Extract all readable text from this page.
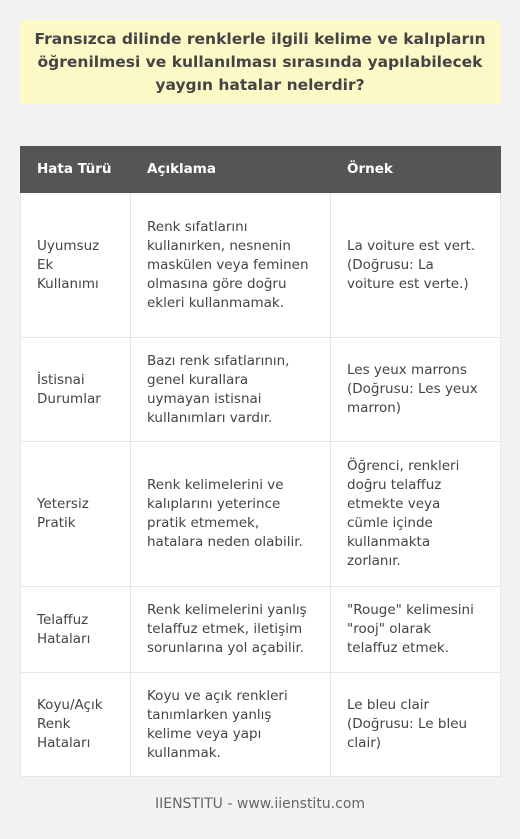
Fransızca dilinde renklerle ilgili kelime ve kalıpların öğrenilmesi ve kullanılması sırasında yapılabilecek yaygın hatalar nelerdir?

Hata Türü	Açıklama	Örnek
Uyumsuz Ek Kullanımı	Renk sıfatlarını kullanırken, nesnenin maskülen veya feminen olmasına göre doğru ekleri kullanmamak.	La voiture est vert. (Doğrusu: La voiture est verte.)
İstisnai Durumlar	Bazı renk sıfatlarının, genel kurallara uymayan istisnai kullanımları vardır.	Les yeux marrons (Doğrusu: Les yeux marron)
Yetersiz Pratik	Renk kelimelerini ve kalıplarını yeterince pratik etmemek, hatalara neden olabilir.	Öğrenci, renkleri doğru telaffuz etmekte veya cümle içinde kullanmakta zorlanır.
Telaffuz Hataları	Renk kelimelerini yanlış telaffuz etmek, iletişim sorunlarına yol açabilir.	"Rouge" kelimesini "rooj" olarak telaffuz etmek.
Koyu/Açık Renk Hataları	Koyu ve açık renkleri tanımlarken yanlış kelime veya yapı kullanmak.	Le bleu clair (Doğrusu: Le bleu clair)
IIENSTITU - www.iienstitu.com
